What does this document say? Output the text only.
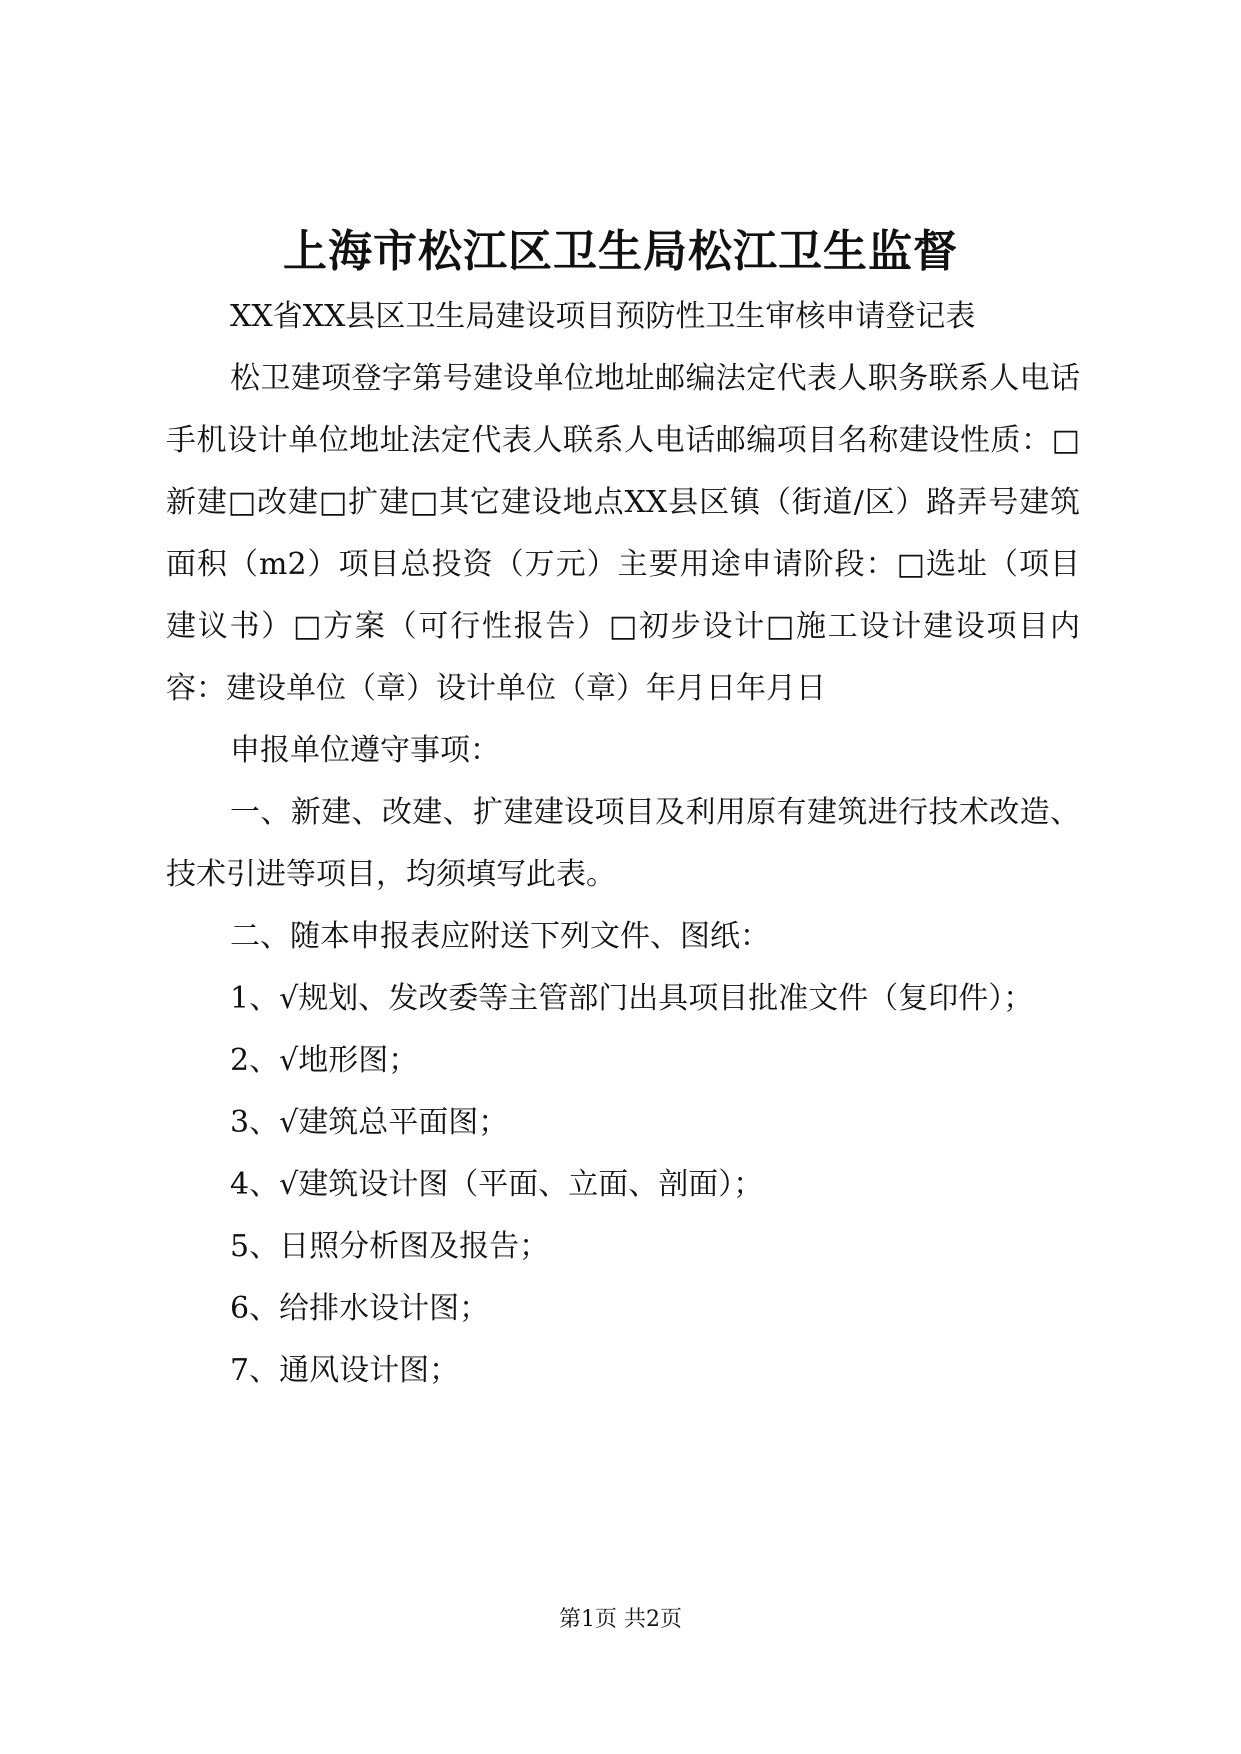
上海市松江区卫生局松江卫生监督

XX省XX县区卫生局建设项目预防性卫生审核申请登记表

松卫建项登字第号建设单位地址邮编法定代表人职务联系人电话手机设计单位地址法定代表人联系人电话邮编项目名称建设性质：□新建□改建□扩建□其它建设地点XX县区镇（街道/区）路弄号建筑面积（m2）项目总投资（万元）主要用途申请阶段：□选址（项目建议书）□方案（可行性报告）□初步设计□施工设计建设项目内容：建设单位（章）设计单位（章）年月日年月日

申报单位遵守事项：

一、新建、改建、扩建建设项目及利用原有建筑进行技术改造、技术引进等项目，均须填写此表。

二、随本申报表应附送下列文件、图纸：

1、√规划、发改委等主管部门出具项目批准文件（复印件）；

2、√地形图；

3、√建筑总平面图；

4、√建筑设计图（平面、立面、剖面）；

5、日照分析图及报告；

6、给排水设计图；

7、通风设计图；

第1页 共2页
